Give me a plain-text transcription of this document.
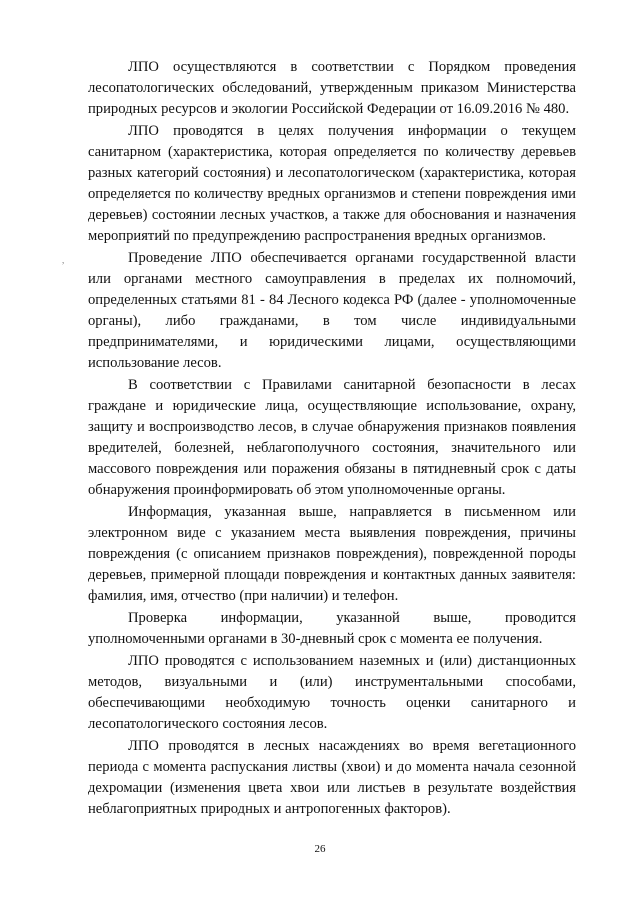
ЛПО осуществляются в соответствии с Порядком проведения лесопатологических обследований, утвержденным приказом Министерства природных ресурсов и экологии Российской Федерации от 16.09.2016 № 480.

ЛПО проводятся в целях получения информации о текущем санитарном (характеристика, которая определяется по количеству деревьев разных категорий состояния) и лесопатологическом (характеристика, которая определяется по количеству вредных организмов и степени повреждения ими деревьев) состоянии лесных участков, а также для обоснования и назначения мероприятий по предупреждению распространения вредных организмов.

Проведение ЛПО обеспечивается органами государственной власти или органами местного самоуправления в пределах их полномочий, определенных статьями 81 - 84 Лесного кодекса РФ (далее - уполномоченные органы), либо гражданами, в том числе индивидуальными предпринимателями, и юридическими лицами, осуществляющими использование лесов.

В соответствии с Правилами санитарной безопасности в лесах граждане и юридические лица, осуществляющие использование, охрану, защиту и воспроизводство лесов, в случае обнаружения признаков появления вредителей, болезней, неблагополучного состояния, значительного или массового повреждения или поражения обязаны в пятидневный срок с даты обнаружения проинформировать об этом уполномоченные органы.

Информация, указанная выше, направляется в письменном или электронном виде с указанием места выявления повреждения, причины повреждения (с описанием признаков повреждения), поврежденной породы деревьев, примерной площади повреждения и контактных данных заявителя: фамилия, имя, отчество (при наличии) и телефон.

Проверка информации, указанной выше, проводится уполномоченными органами в 30-дневный срок с момента ее получения.

ЛПО проводятся с использованием наземных и (или) дистанционных методов, визуальными и (или) инструментальными способами, обеспечивающими необходимую точность оценки санитарного и лесопатологического состояния лесов.

ЛПО проводятся в лесных насаждениях во время вегетационного периода с момента распускания листвы (хвои) и до момента начала сезонной дехромации (изменения цвета хвои или листьев в результате воздействия неблагоприятных природных и антропогенных факторов).

,
26
